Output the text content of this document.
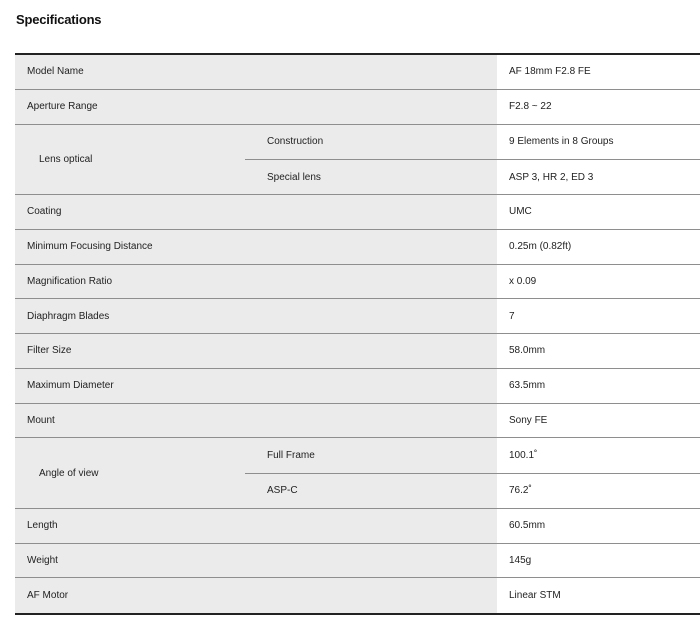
Specifications
Model Name	AF 18mm F2.8 FE
Aperture Range	F2.8 ~ 22
Lens optical
Construction	9 Elements in 8 Groups
Special lens	ASP 3, HR 2, ED 3
Coating	UMC
Minimum Focusing Distance	0.25m (0.82ft)
Magnification Ratio	x 0.09
Diaphragm Blades	7
Filter Size	58.0mm
Maximum Diameter	63.5mm
Mount	Sony FE
Angle of view
Full Frame	100.1˚
ASP-C	76.2˚
Length	60.5mm
Weight	145g
AF Motor	Linear STM
